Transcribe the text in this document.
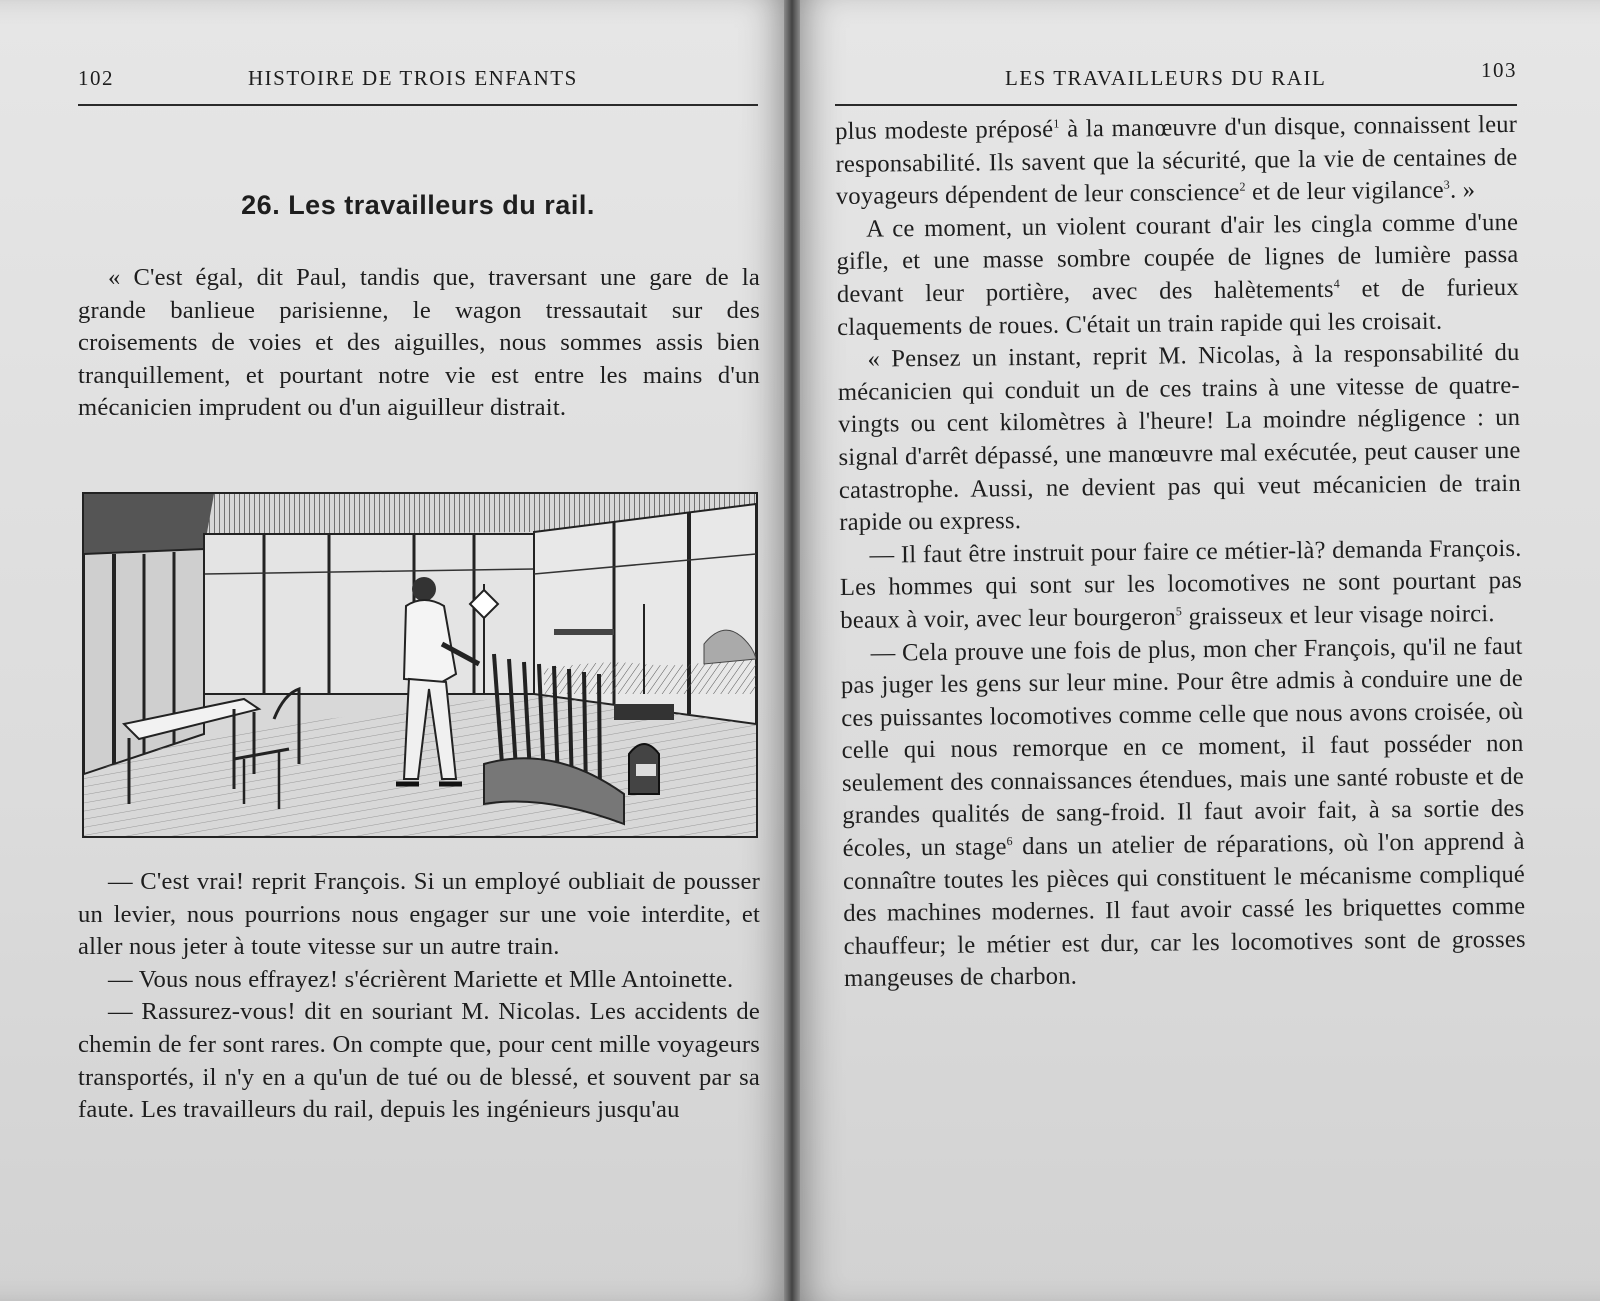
102	HISTOIRE DE TROIS ENFANTS	LES TRAVAILLEURS DU RAIL	103
26. Les travailleurs du rail.

« C'est égal, dit Paul, tandis que, traversant une gare de la grande banlieue parisienne, le wagon tressautait sur des croisements de voies et des aiguilles, nous sommes assis bien tranquillement, et pourtant notre vie est entre les mains d'un mécanicien imprudent ou d'un aiguilleur distrait.

— C'est vrai! reprit François. Si un employé oubliait de pousser un levier, nous pourrions nous engager sur une voie interdite, et aller nous jeter à toute vitesse sur un autre train.

— Vous nous effrayez! s'écrièrent Mariette et Mlle Antoinette.

— Rassurez-vous! dit en souriant M. Nicolas. Les accidents de chemin de fer sont rares. On compte que, pour cent mille voyageurs transportés, il n'y en a qu'un de tué ou de blessé, et souvent par sa faute. Les travailleurs du rail, depuis les ingénieurs jusqu'au

plus modeste préposé$^1$ à la manœuvre d'un disque, connaissent leur responsabilité. Ils savent que la sécurité, que la vie de centaines de voyageurs dépendent de leur conscience$^2$ et de leur vigilance$^3$. »

A ce moment, un violent courant d'air les cingla comme d'une gifle, et une masse sombre coupée de lignes de lumière passa devant leur portière, avec des halètements$^4$ et de furieux claquements de roues. C'était un train rapide qui les croisait.

« Pensez un instant, reprit M. Nicolas, à la responsabilité du mécanicien qui conduit un de ces trains à une vitesse de quatre-vingts ou cent kilomètres à l'heure! La moindre négligence : un signal d'arrêt dépassé, une manœuvre mal exécutée, peut causer une catastrophe. Aussi, ne devient pas qui veut mécanicien de train rapide ou express.

— Il faut être instruit pour faire ce métier-là? demanda François. Les hommes qui sont sur les locomotives ne sont pourtant pas beaux à voir, avec leur bourgeron$^5$ graisseux et leur visage noirci.

— Cela prouve une fois de plus, mon cher François, qu'il ne faut pas juger les gens sur leur mine. Pour être admis à conduire une de ces puissantes locomotives comme celle que nous avons croisée, où celle qui nous remorque en ce moment, il faut posséder non seulement des connaissances étendues, mais une santé robuste et de grandes qualités de sang-froid. Il faut avoir fait, à sa sortie des écoles, un stage$^6$ dans un atelier de réparations, où l'on apprend à connaître toutes les pièces qui constituent le mécanisme compliqué des machines modernes. Il faut avoir cassé les briquettes comme chauffeur; le métier est dur, car les locomotives sont de grosses mangeuses de charbon.
